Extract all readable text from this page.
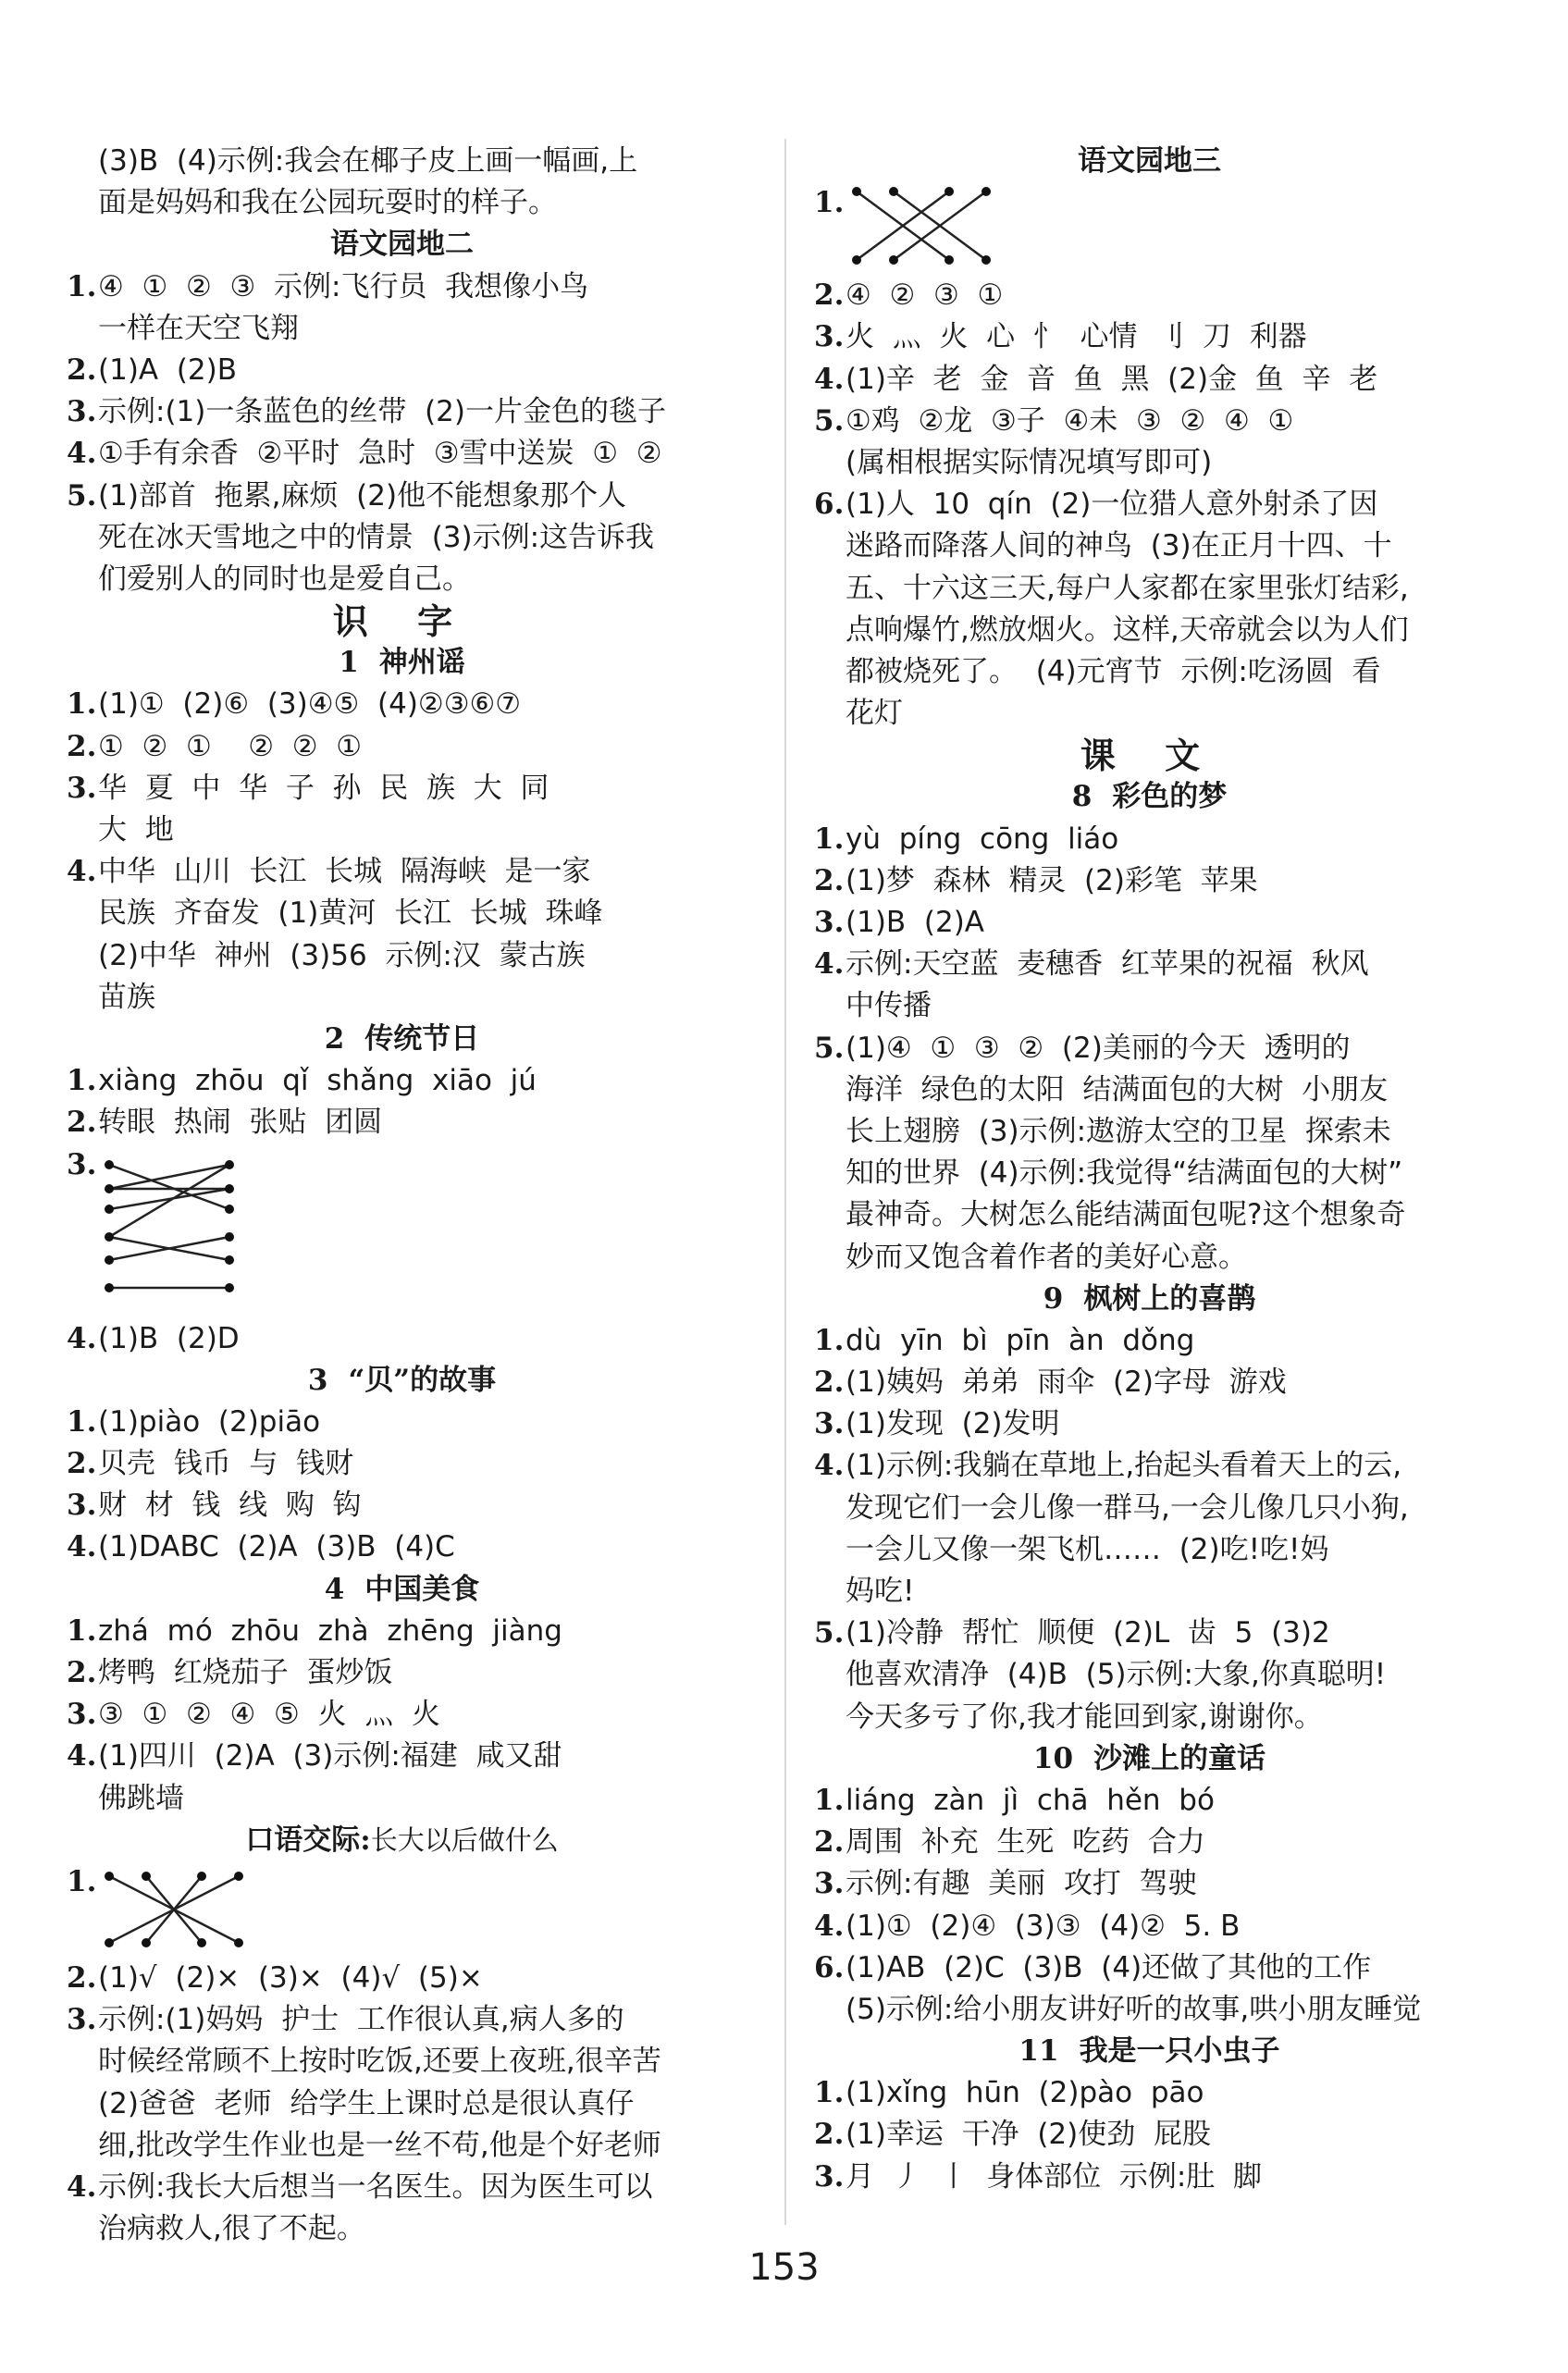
(3)B  (4)示例:我会在椰子皮上画一幅画,上
面是妈妈和我在公园玩耍时的样子。
语文园地二
1.④  ①  ②  ③  示例:飞行员  我想像小鸟
一样在天空飞翔
2.(1)A  (2)B
3.示例:(1)一条蓝色的丝带  (2)一片金色的毯子
4.①手有余香  ②平时  急时  ③雪中送炭  ①  ②
5.(1)部首  拖累,麻烦  (2)他不能想象那个人
死在冰天雪地之中的情景  (3)示例:这告诉我
们爱别人的同时也是爱自己。
识 字
1 神州谣
1.(1)①  (2)⑥  (3)④⑤  (4)②③⑥⑦
2.①  ②  ①    ②  ②  ①
3.华  夏  中  华  子  孙  民  族  大  同
大  地
4.中华  山川  长江  长城  隔海峡  是一家
民族  齐奋发  (1)黄河  长江  长城  珠峰
(2)中华  神州  (3)56  示例:汉  蒙古族
苗族
2 传统节日
1.xiàng  zhōu  qǐ  shǎng  xiāo  jú
2.转眼  热闹  张贴  团圆
3.
4.(1)B  (2)D
3 “贝”的故事
1.(1)piào  (2)piāo
2.贝壳  钱币  与  钱财
3.财  材  钱  线  购  钩
4.(1)DABC  (2)A  (3)B  (4)C
4 中国美食
1.zhá  mó  zhōu  zhà  zhēng  jiàng
2.烤鸭  红烧茄子  蛋炒饭
3.③  ①  ②  ④  ⑤  火  灬  火
4.(1)四川  (2)A  (3)示例:福建  咸又甜
佛跳墙
口语交际:长大以后做什么
1.
2.(1)√  (2)×  (3)×  (4)√  (5)×
3.示例:(1)妈妈  护士  工作很认真,病人多的
时候经常顾不上按时吃饭,还要上夜班,很辛苦
(2)爸爸  老师  给学生上课时总是很认真仔
细,批改学生作业也是一丝不苟,他是个好老师
4.示例:我长大后想当一名医生。因为医生可以
治病救人,很了不起。
语文园地三
1.
2.④  ②  ③  ①
3.火  灬  火  心  忄  心情  刂  刀  利器
4.(1)辛  老  金  音  鱼  黑  (2)金  鱼  辛  老
5.①鸡  ②龙  ③子  ④未  ③  ②  ④  ①
(属相根据实际情况填写即可)
6.(1)人  10  qín  (2)一位猎人意外射杀了因
迷路而降落人间的神鸟  (3)在正月十四、十
五、十六这三天,每户人家都在家里张灯结彩,
点响爆竹,燃放烟火。这样,天帝就会以为人们
都被烧死了。  (4)元宵节  示例:吃汤圆  看
花灯
课 文
8 彩色的梦
1.yù  píng  cōng  liáo
2.(1)梦  森林  精灵  (2)彩笔  苹果
3.(1)B  (2)A
4.示例:天空蓝  麦穗香  红苹果的祝福  秋风
中传播
5.(1)④  ①  ③  ②  (2)美丽的今天  透明的
海洋  绿色的太阳  结满面包的大树  小朋友
长上翅膀  (3)示例:遨游太空的卫星  探索未
知的世界  (4)示例:我觉得“结满面包的大树”
最神奇。大树怎么能结满面包呢?这个想象奇
妙而又饱含着作者的美好心意。
9 枫树上的喜鹊
1.dù  yīn  bì  pīn  àn  dǒng
2.(1)姨妈  弟弟  雨伞  (2)字母  游戏
3.(1)发现  (2)发明
4.(1)示例:我躺在草地上,抬起头看着天上的云,
发现它们一会儿像一群马,一会儿像几只小狗,
一会儿又像一架飞机……  (2)吃!吃!妈
妈吃!
5.(1)冷静  帮忙  顺便  (2)L  齿  5  (3)2
他喜欢清净  (4)B  (5)示例:大象,你真聪明!
今天多亏了你,我才能回到家,谢谢你。
10 沙滩上的童话
1.liáng  zàn  jì  chā  hěn  bó
2.周围  补充  生死  吃药  合力
3.示例:有趣  美丽  攻打  驾驶
4.(1)①  (2)④  (3)③  (4)②  5. B
6.(1)AB  (2)C  (3)B  (4)还做了其他的工作
(5)示例:给小朋友讲好听的故事,哄小朋友睡觉
11 我是一只小虫子
1.(1)xǐng  hūn  (2)pào  pāo
2.(1)幸运  干净  (2)使劲  屁股
3.月  丿  丨  身体部位  示例:肚  脚
153
